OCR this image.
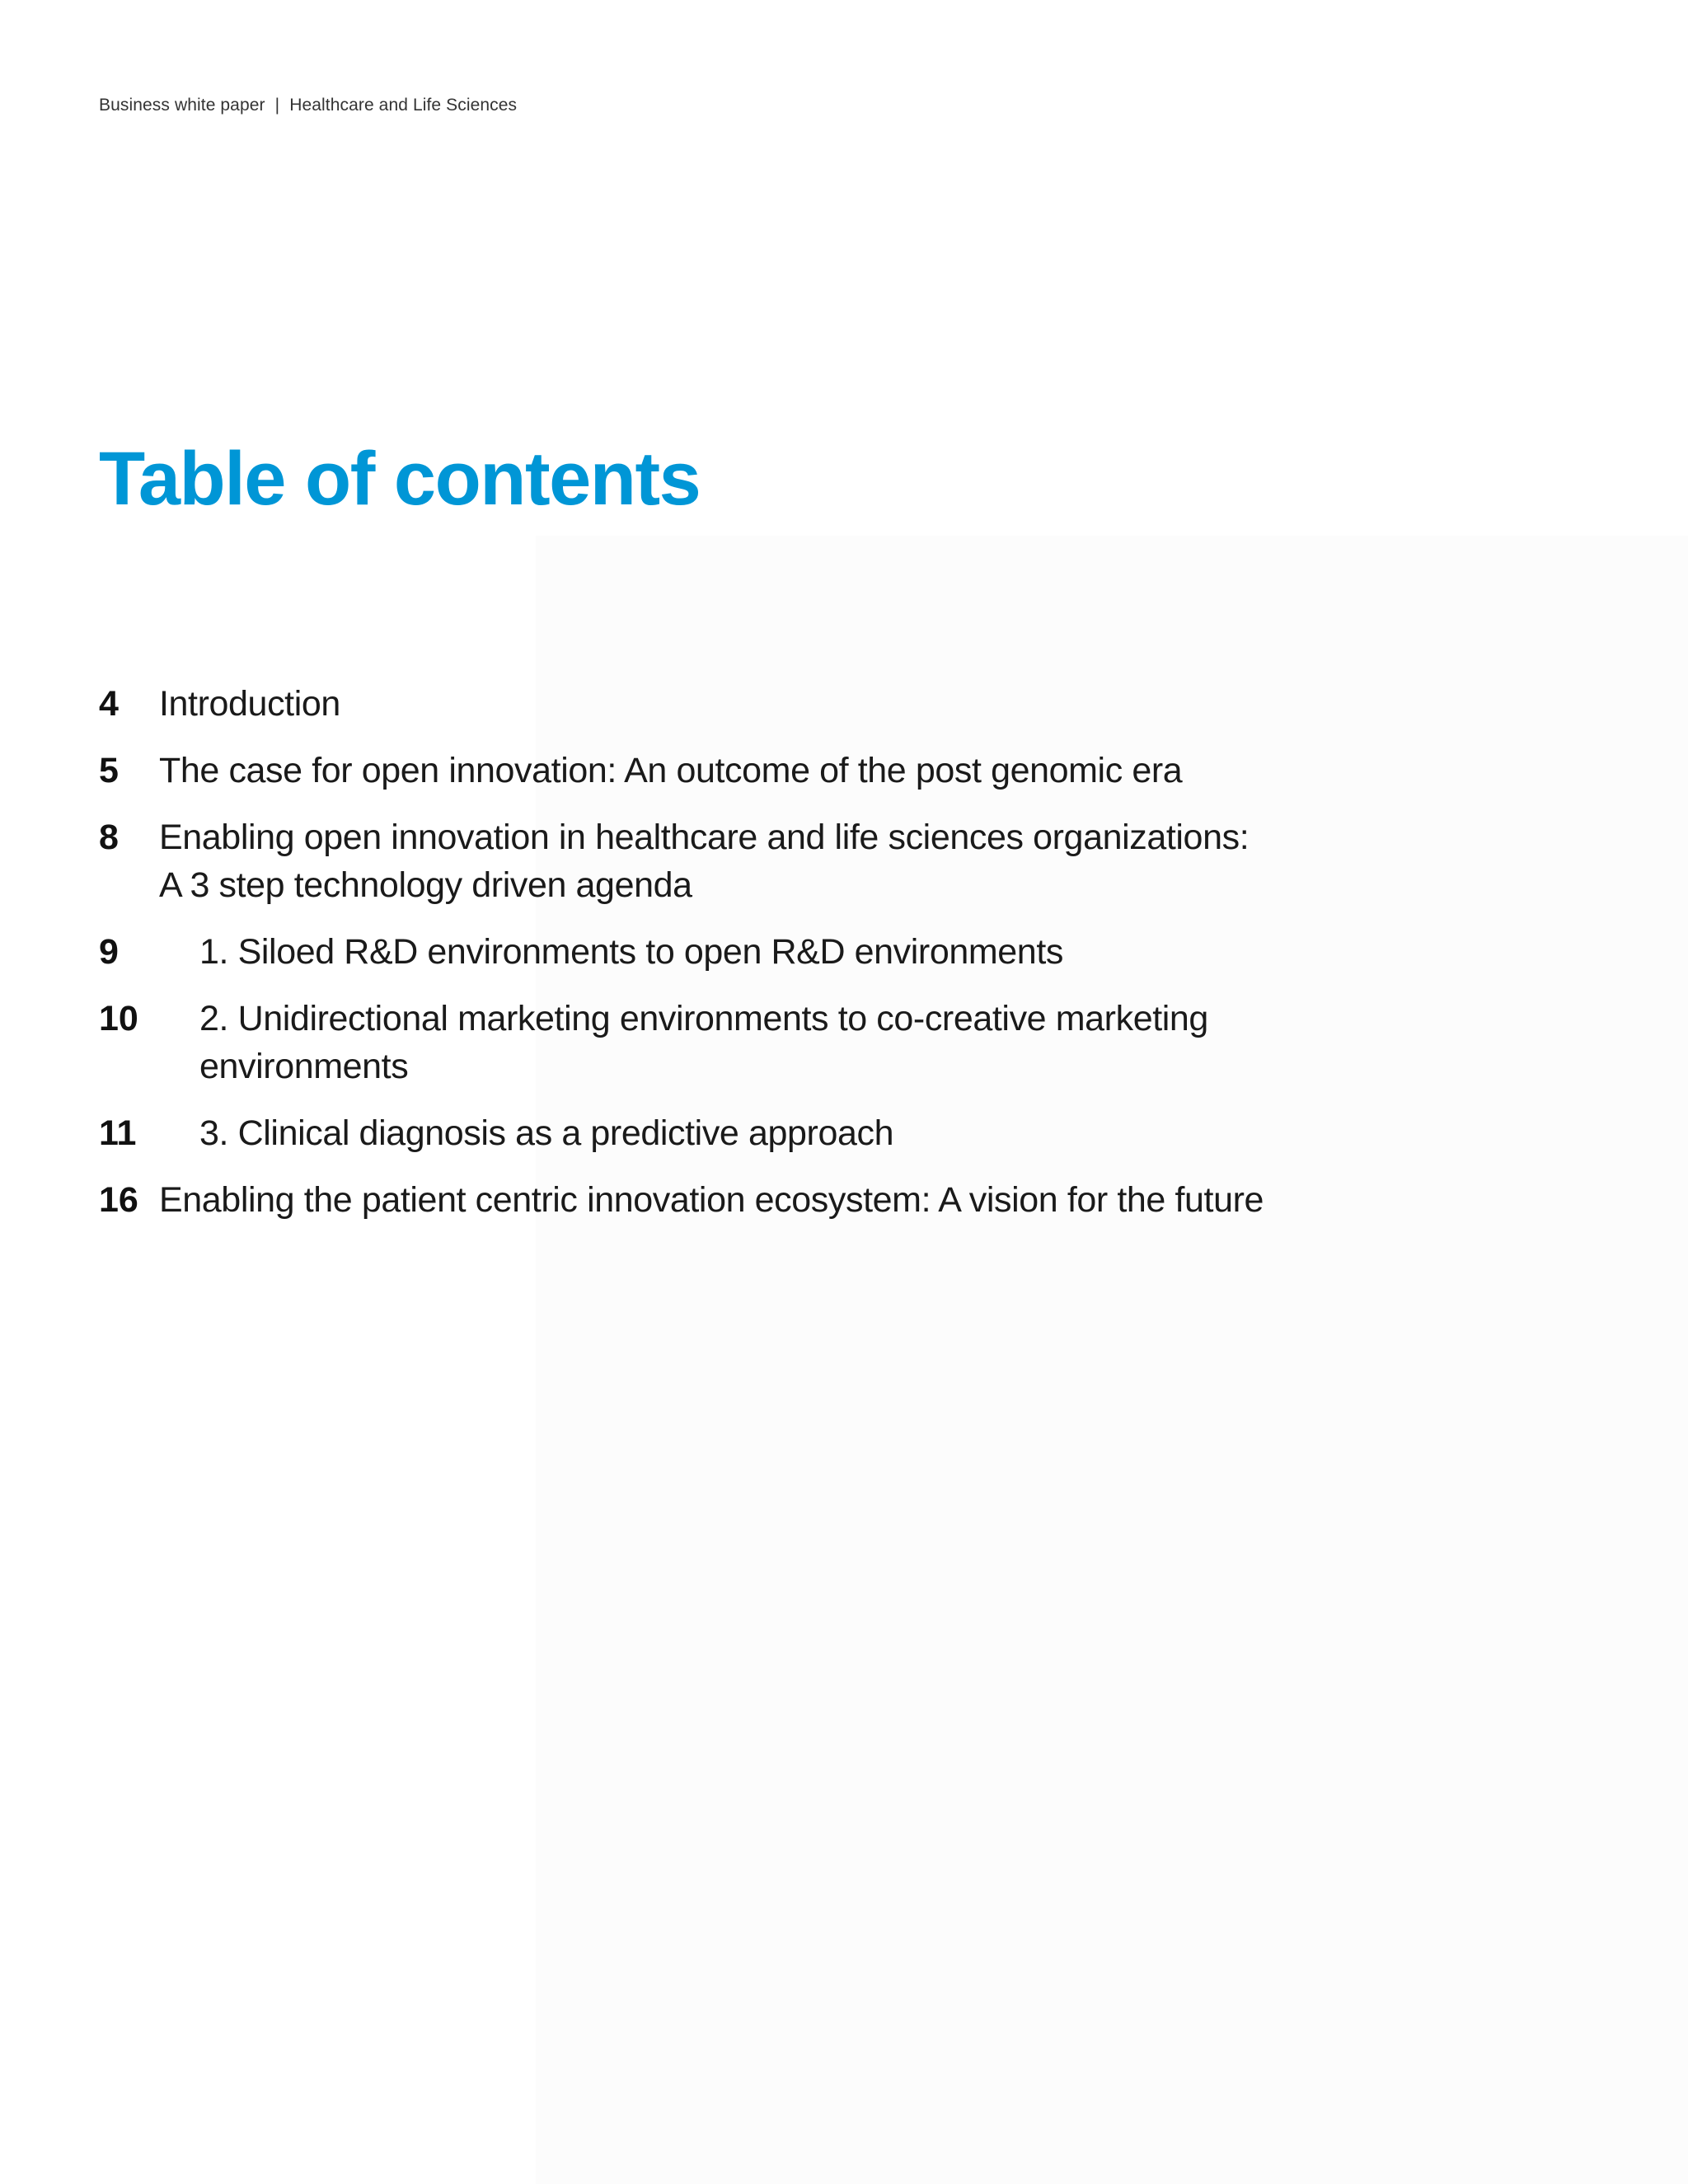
Business white paper | Healthcare and Life Sciences
Table of contents
4	Introduction
5	The case for open innovation: An outcome of the post genomic era
8	Enabling open innovation in healthcare and life sciences organizations:
A 3 step technology driven agenda
9	1. Siloed R&D environments to open R&D environments
10	2. Unidirectional marketing environments to co-creative marketing
environments
11	3. Clinical diagnosis as a predictive approach
16 Enabling the patient centric innovation ecosystem: A vision for the future
